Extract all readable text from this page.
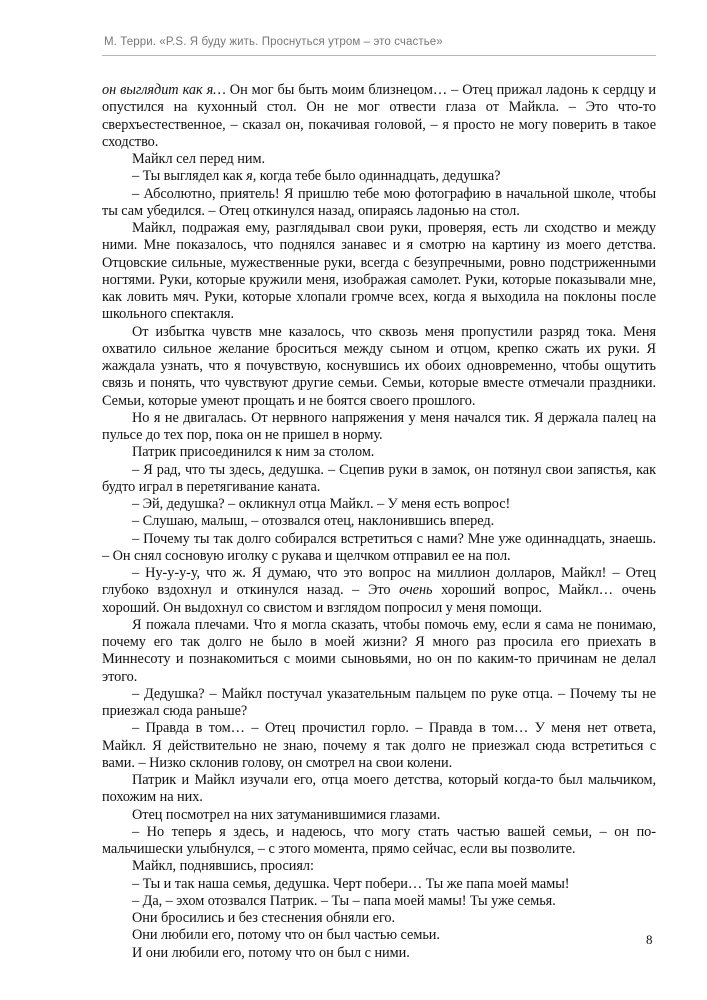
М. Терри. «P.S. Я буду жить. Проснуться утром – это счастье»

он выглядит как я… Он мог бы быть моим близнецом… – Отец прижал ладонь к сердцу и опустился на кухонный стол. Он не мог отвести глаза от Майкла. – Это что-то сверхъестественное, – сказал он, покачивая головой, – я просто не могу поверить в такое сходство.

Майкл сел перед ним.

– Ты выглядел как я, когда тебе было одиннадцать, дедушка?

– Абсолютно, приятель! Я пришлю тебе мою фотографию в начальной школе, чтобы ты сам убедился. – Отец откинулся назад, опираясь ладонью на стол.

Майкл, подражая ему, разглядывал свои руки, проверяя, есть ли сходство и между ними. Мне показалось, что поднялся занавес и я смотрю на картину из моего детства. Отцовские сильные, мужественные руки, всегда с безупречными, ровно подстриженными ногтями. Руки, которые кружили меня, изображая самолет. Руки, которые показывали мне, как ловить мяч. Руки, которые хлопали громче всех, когда я выходила на поклоны после школьного спектакля.

От избытка чувств мне казалось, что сквозь меня пропустили разряд тока. Меня охватило сильное желание броситься между сыном и отцом, крепко сжать их руки. Я жаждала узнать, что я почувствую, коснувшись их обоих одновременно, чтобы ощутить связь и понять, что чувствуют другие семьи. Семьи, которые вместе отмечали праздники. Семьи, которые умеют прощать и не боятся своего прошлого.

Но я не двигалась. От нервного напряжения у меня начался тик. Я держала палец на пульсе до тех пор, пока он не пришел в норму.

Патрик присоединился к ним за столом.

– Я рад, что ты здесь, дедушка. – Сцепив руки в замок, он потянул свои запястья, как будто играл в перетягивание каната.

– Эй, дедушка? – окликнул отца Майкл. – У меня есть вопрос!

– Слушаю, малыш, – отозвался отец, наклонившись вперед.

– Почему ты так долго собирался встретиться с нами? Мне уже одиннадцать, знаешь. – Он снял сосновую иголку с рукава и щелчком отправил ее на пол.

– Ну-у-у-у, что ж. Я думаю, что это вопрос на миллион долларов, Майкл! – Отец глубоко вздохнул и откинулся назад. – Это очень хороший вопрос, Майкл… очень хороший. Он выдохнул со свистом и взглядом попросил у меня помощи.

Я пожала плечами. Что я могла сказать, чтобы помочь ему, если я сама не понимаю, почему его так долго не было в моей жизни? Я много раз просила его приехать в Миннесоту и познакомиться с моими сыновьями, но он по каким-то причинам не делал этого.

– Дедушка? – Майкл постучал указательным пальцем по руке отца. – Почему ты не приезжал сюда раньше?

– Правда в том… – Отец прочистил горло. – Правда в том… У меня нет ответа, Майкл. Я действительно не знаю, почему я так долго не приезжал сюда встретиться с вами. – Низко склонив голову, он смотрел на свои колени.

Патрик и Майкл изучали его, отца моего детства, который когда-то был мальчиком, похожим на них.

Отец посмотрел на них затуманившимися глазами.

– Но теперь я здесь, и надеюсь, что могу стать частью вашей семьи, – он по-мальчишески улыбнулся, – с этого момента, прямо сейчас, если вы позволите.

Майкл, поднявшись, просиял:

– Ты и так наша семья, дедушка. Черт побери… Ты же папа моей мамы!

– Да, – эхом отозвался Патрик. – Ты – папа моей мамы! Ты уже семья.

Они бросились и без стеснения обняли его.

Они любили его, потому что он был частью семьи.

И они любили его, потому что он был с ними.

8
